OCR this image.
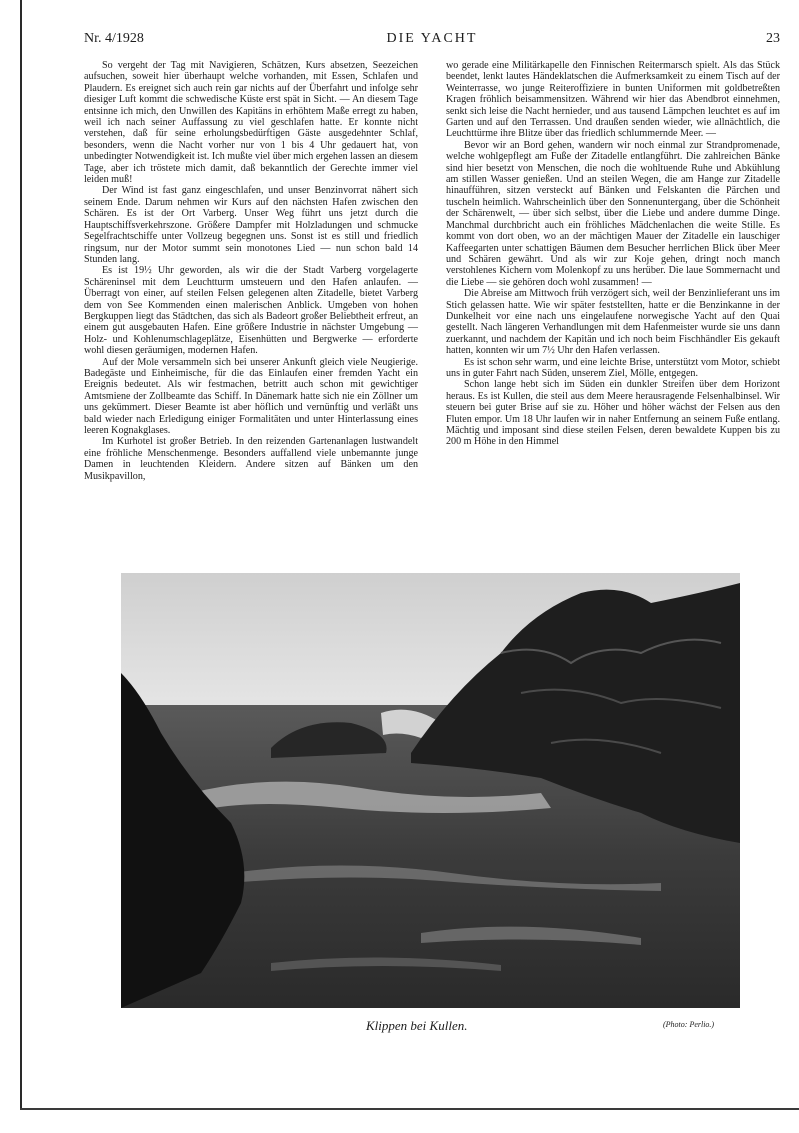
Nr. 4/1928	DIE YACHT	23

So vergeht der Tag mit Navigieren, Schätzen, Kurs absetzen, Seezeichen aufsuchen, soweit hier überhaupt welche vorhanden, mit Essen, Schlafen und Plaudern. Es ereignet sich auch rein gar nichts auf der Überfahrt und infolge sehr diesiger Luft kommt die schwedische Küste erst spät in Sicht. — An diesem Tage entsinne ich mich, den Unwillen des Kapitäns in erhöhtem Maße erregt zu haben, weil ich nach seiner Auffassung zu viel geschlafen hatte. Er konnte nicht verstehen, daß für seine erholungsbedürftigen Gäste ausgedehnter Schlaf, besonders, wenn die Nacht vorher nur von 1 bis 4 Uhr gedauert hat, von unbedingter Notwendigkeit ist. Ich mußte viel über mich ergehen lassen an diesem Tage, aber ich tröstete mich damit, daß bekanntlich der Gerechte immer viel leiden muß!

Der Wind ist fast ganz eingeschlafen, und unser Benzinvorrat nähert sich seinem Ende. Darum nehmen wir Kurs auf den nächsten Hafen zwischen den Schären. Es ist der Ort Varberg. Unser Weg führt uns jetzt durch die Hauptschiffsverkehrszone. Größere Dampfer mit Holzladungen und schmucke Segelfrachtschiffe unter Vollzeug begegnen uns. Sonst ist es still und friedlich ringsum, nur der Motor summt sein monotones Lied — nun schon bald 14 Stunden lang.

Es ist 19½ Uhr geworden, als wir die der Stadt Varberg vorgelagerte Schäreninsel mit dem Leuchtturm umsteuern und den Hafen anlaufen. — Überragt von einer, auf steilen Felsen gelegenen alten Zitadelle, bietet Varberg dem von See Kommenden einen malerischen Anblick. Umgeben von hohen Bergkuppen liegt das Städtchen, das sich als Badeort großer Beliebtheit erfreut, an einem gut ausgebauten Hafen. Eine größere Industrie in nächster Umgebung — Holz- und Kohlenumschlageplätze, Eisenhütten und Bergwerke — erforderte wohl diesen geräumigen, modernen Hafen.

Auf der Mole versammeln sich bei unserer Ankunft gleich viele Neugierige. Badegäste und Einheimische, für die das Einlaufen einer fremden Yacht ein Ereignis bedeutet. Als wir festmachen, betritt auch schon mit gewichtiger Amtsmiene der Zollbeamte das Schiff. In Dänemark hatte sich nie ein Zöllner um uns gekümmert. Dieser Beamte ist aber höflich und vernünftig und verläßt uns bald wieder nach Erledigung einiger Formalitäten und unter Hinterlassung eines leeren Kognakglases.

Im Kurhotel ist großer Betrieb. In den reizenden Gartenanlagen lustwandelt eine fröhliche Menschenmenge. Besonders auffallend viele unbemannte junge Damen in leuchtenden Kleidern. Andere sitzen auf Bänken um den Musikpavillon,

wo gerade eine Militärkapelle den Finnischen Reitermarsch spielt. Als das Stück beendet, lenkt lautes Händeklatschen die Aufmerksamkeit zu einem Tisch auf der Weinterrasse, wo junge Reiteroffiziere in bunten Uniformen mit goldbetreßten Kragen fröhlich beisammensitzen. Während wir hier das Abendbrot einnehmen, senkt sich leise die Nacht hernieder, und aus tausend Lämpchen leuchtet es auf im Garten und auf den Terrassen. Und draußen senden wieder, wie allnächtlich, die Leuchttürme ihre Blitze über das friedlich schlummernde Meer. —

Bevor wir an Bord gehen, wandern wir noch einmal zur Strandpromenade, welche wohlgepflegt am Fuße der Zitadelle entlangführt. Die zahlreichen Bänke sind hier besetzt von Menschen, die noch die wohltuende Ruhe und Abkühlung am stillen Wasser genießen. Und an steilen Wegen, die am Hange zur Zitadelle hinaufführen, sitzen versteckt auf Bänken und Felskanten die Pärchen und tuscheln heimlich. Wahrscheinlich über den Sonnenuntergang, über die Schönheit der Schärenwelt, — über sich selbst, über die Liebe und andere dumme Dinge. Manchmal durchbricht auch ein fröhliches Mädchenlachen die weite Stille. Es kommt von dort oben, wo an der mächtigen Mauer der Zitadelle ein lauschiger Kaffeegarten unter schattigen Bäumen dem Besucher herrlichen Blick über Meer und Schären gewährt. Und als wir zur Koje gehen, dringt noch manch verstohlenes Kichern vom Molenkopf zu uns herüber. Die laue Sommernacht und die Liebe — sie gehören doch wohl zusammen! —

Die Abreise am Mittwoch früh verzögert sich, weil der Benzinlieferant uns im Stich gelassen hatte. Wie wir später feststellten, hatte er die Benzinkanne in der Dunkelheit vor eine nach uns eingelaufene norwegische Yacht auf den Quai gestellt. Nach längeren Verhandlungen mit dem Hafenmeister wurde sie uns dann zuerkannt, und nachdem der Kapitän und ich noch beim Fischhändler Eis gekauft hatten, konnten wir um 7½ Uhr den Hafen verlassen.

Es ist schon sehr warm, und eine leichte Brise, unterstützt vom Motor, schiebt uns in guter Fahrt nach Süden, unserem Ziel, Mölle, entgegen.

Schon lange hebt sich im Süden ein dunkler Streifen über dem Horizont heraus. Es ist Kullen, die steil aus dem Meere herausragende Felsenhalbinsel. Wir steuern bei guter Brise auf sie zu. Höher und höher wächst der Felsen aus den Fluten empor. Um 18 Uhr laufen wir in naher Entfernung an seinem Fuße entlang. Mächtig und imposant sind diese steilen Felsen, deren bewaldete Kuppen bis zu 200 m Höhe in den Himmel

Klippen bei Kullen.	(Photo: Perlio.)
